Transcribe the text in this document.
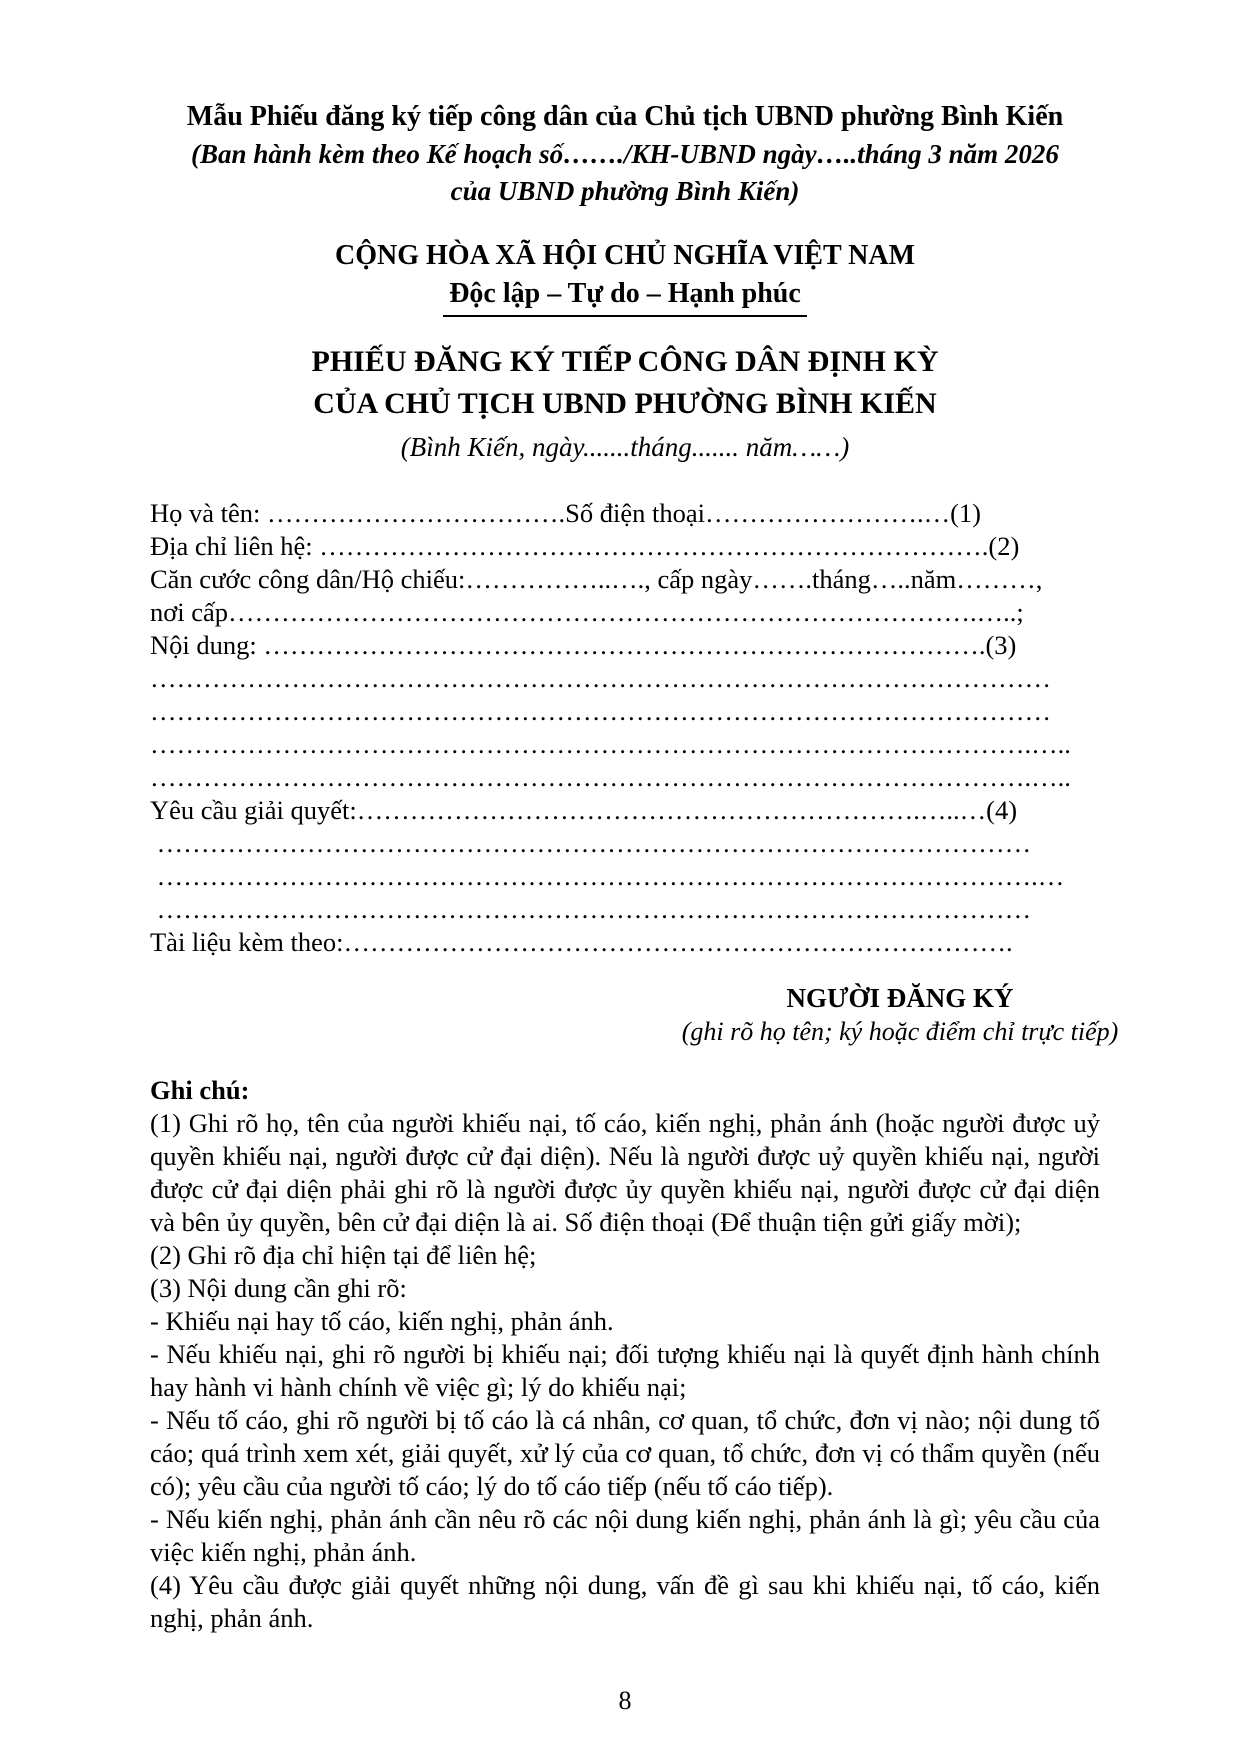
Mẫu Phiếu đăng ký tiếp công dân của Chủ tịch UBND phường Bình Kiến
(Ban hành kèm theo Kế hoạch số……./KH-UBND ngày…..tháng 3 năm 2026
của UBND phường Bình Kiến)
CỘNG HÒA XÃ HỘI CHỦ NGHĨA VIỆT NAM
Độc lập – Tự do – Hạnh phúc
PHIẾU ĐĂNG KÝ TIẾP CÔNG DÂN ĐỊNH KỲ
CỦA CHỦ TỊCH UBND PHƯỜNG BÌNH KIẾN
(Bình Kiến, ngày.......tháng....... năm……)
Họ và tên: …………………………….Số điện thoại…………………….…(1)
Địa chỉ liên hệ: ………………………………………………………………….(2)
Căn cước công dân/Hộ chiếu:……………..…., cấp ngày…….tháng…..năm………,
nơi cấp………………………………………………………………………….…..;
Nội dung: ……………………………………………………………………….(3)
…………………………………………………………………………………………
…………………………………………………………………………………………
……………………………………………………………………………………….…..
……………………………………………………………………………………….…..
Yêu cầu giải quyết:……………………………………………………….…..…(4)
………………………………………………………………………………………
……………………………………………………………………………………….…
………………………………………………………………………………………
Tài liệu kèm theo:………………………………………………………………….
NGƯỜI ĐĂNG KÝ
(ghi rõ họ tên; ký hoặc điểm chỉ trực tiếp)

Ghi chú:

(1) Ghi rõ họ, tên của người khiếu nại, tố cáo, kiến nghị, phản ánh (hoặc người được uỷ quyền khiếu nại, người được cử đại diện). Nếu là người được uỷ quyền khiếu nại, người được cử đại diện phải ghi rõ là người được ủy quyền khiếu nại, người được cử đại diện và bên ủy quyền, bên cử đại diện là ai. Số điện thoại (Để thuận tiện gửi giấy mời);

(2) Ghi rõ địa chỉ hiện tại để liên hệ;

(3) Nội dung cần ghi rõ:

- Khiếu nại hay tố cáo, kiến nghị, phản ánh.

- Nếu khiếu nại, ghi rõ người bị khiếu nại; đối tượng khiếu nại là quyết định hành chính hay hành vi hành chính về việc gì; lý do khiếu nại;

- Nếu tố cáo, ghi rõ người bị tố cáo là cá nhân, cơ quan, tổ chức, đơn vị nào; nội dung tố cáo; quá trình xem xét, giải quyết, xử lý của cơ quan, tổ chức, đơn vị có thẩm quyền (nếu có); yêu cầu của người tố cáo; lý do tố cáo tiếp (nếu tố cáo tiếp).

- Nếu kiến nghị, phản ánh cần nêu rõ các nội dung kiến nghị, phản ánh là gì; yêu cầu của việc kiến nghị, phản ánh.

(4) Yêu cầu được giải quyết những nội dung, vấn đề gì sau khi khiếu nại, tố cáo, kiến nghị, phản ánh.

8
